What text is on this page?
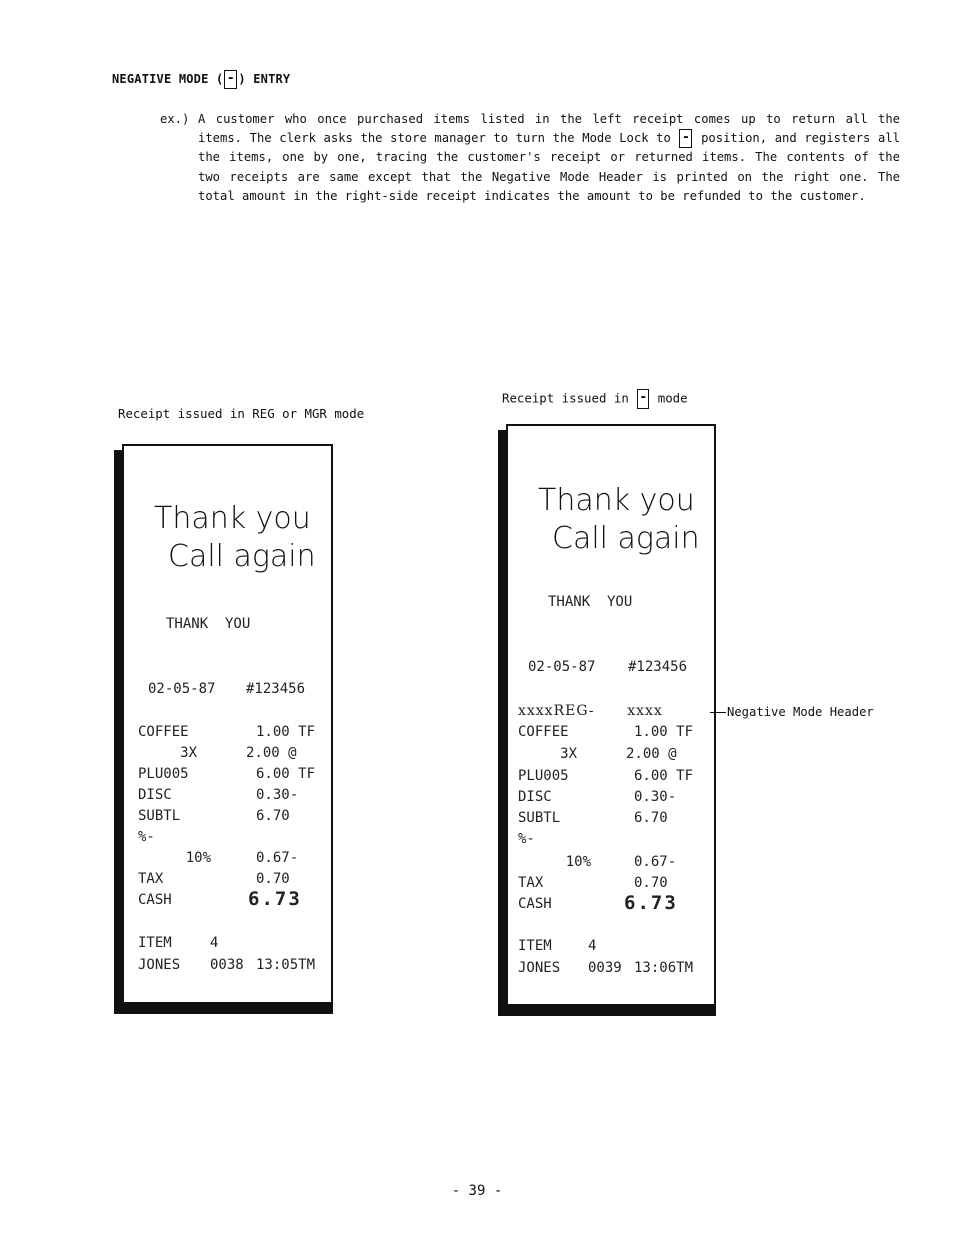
NEGATIVE MODE ( - ) ENTRY
ex.) A customer who once purchased items listed in the left receipt comes up to return all the items. The clerk asks the store manager to turn the Mode Lock to - position, and registers all the items, one by one, tracing the customer's receipt or returned items. The contents of the two receipts are same except that the Negative Mode Header is printed on the right one. The total amount in the right-side receipt indicates the amount to be refunded to the customer.
Receipt issued in REG or MGR mode
Receipt issued in - mode
Thank you
Call again
THANK  YOU
02-05-87 #123456
COFFEE	1.00 TF
3X	2.00 @
PLU005	6.00 TF
DISC	0.30-
SUBTL	6.70
%-
10%	0.67-
TAX	0.70
CASH	6.73
ITEM	4
JONES 0038 13:05TM
Thank you
Call again
THANK  YOU
02-05-87 #123456
xxxxREG-      xxxx
COFFEE	1.00 TF
3X	2.00 @
PLU005	6.00 TF
DISC	0.30-
SUBTL	6.70
%-
10%	0.67-
TAX	0.70
CASH	6.73
ITEM	4
JONES 0039 13:06TM
Negative Mode Header
- 39 -
